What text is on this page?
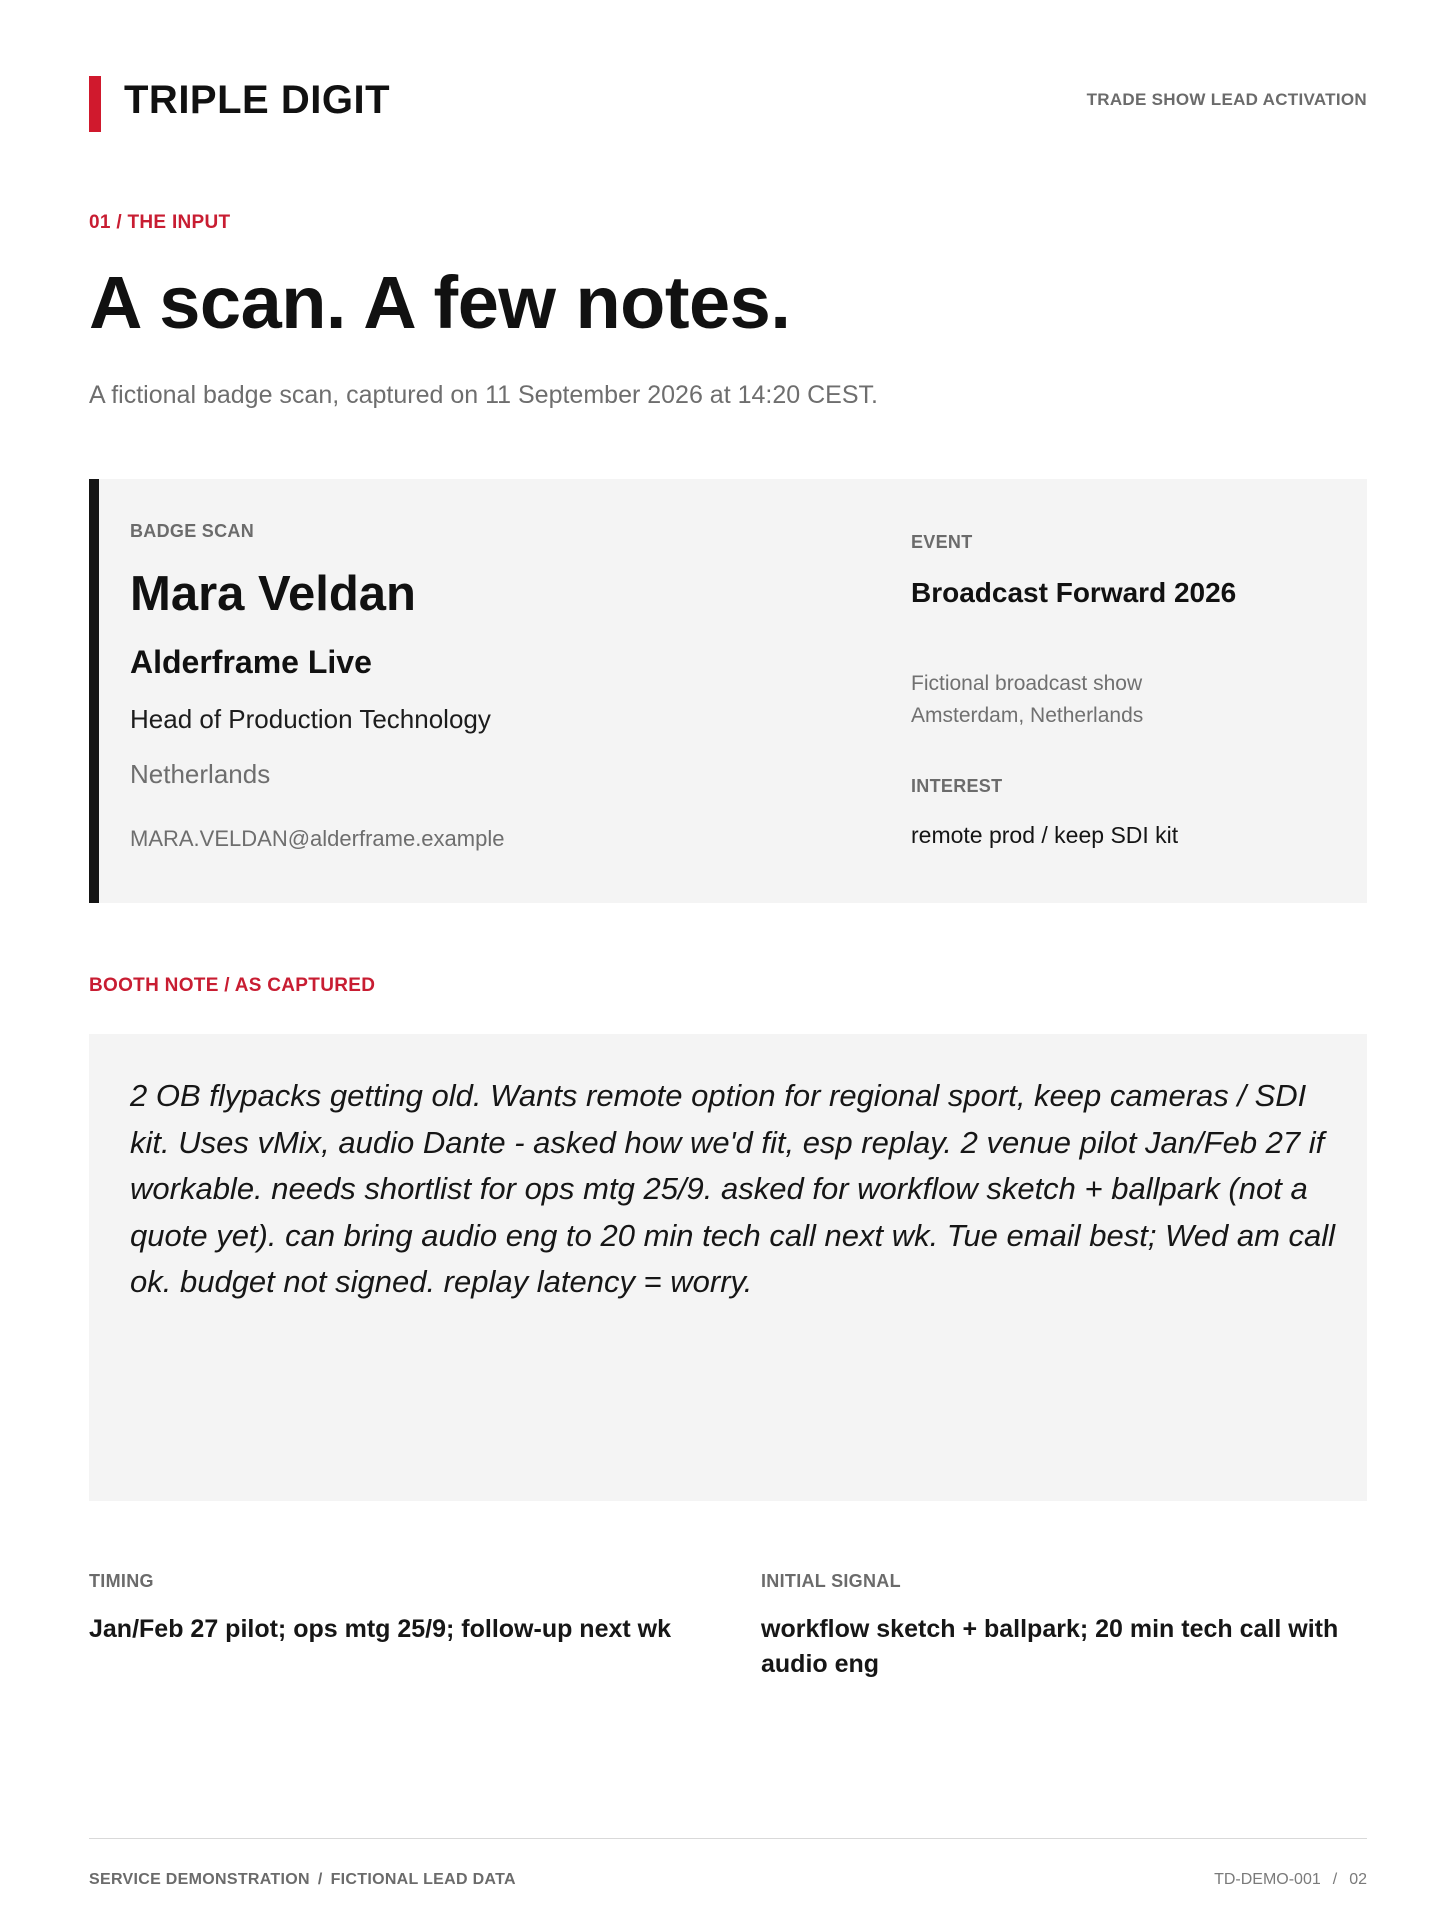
TRIPLE DIGIT	TRADE SHOW LEAD ACTIVATION
01 / THE INPUT
A scan. A few notes.
A fictional badge scan, captured on 11 September 2026 at 14:20 CEST.
BADGE SCAN
Mara Veldan
Alderframe Live
Head of Production Technology
Netherlands
MARA.VELDAN@alderframe.example
EVENT
Broadcast Forward 2026
Fictional broadcast show
Amsterdam, Netherlands
INTEREST
remote prod / keep SDI kit
BOOTH NOTE / AS CAPTURED

2 OB flypacks getting old. Wants remote option for regional sport, keep cameras / SDI kit. Uses vMix, audio Dante - asked how we'd fit, esp replay. 2 venue pilot Jan/Feb 27 if workable. needs shortlist for ops mtg 25/9. asked for workflow sketch + ballpark (not a quote yet). can bring audio eng to 20 min tech call next wk. Tue email best; Wed am call ok. budget not signed. replay latency = worry.

TIMING
Jan/Feb 27 pilot; ops mtg 25/9; follow-up next wk
INITIAL SIGNAL
workflow sketch + ballpark; 20 min tech call with audio eng
SERVICE DEMONSTRATION / FICTIONAL LEAD DATA	TD-DEMO-001 / 02
